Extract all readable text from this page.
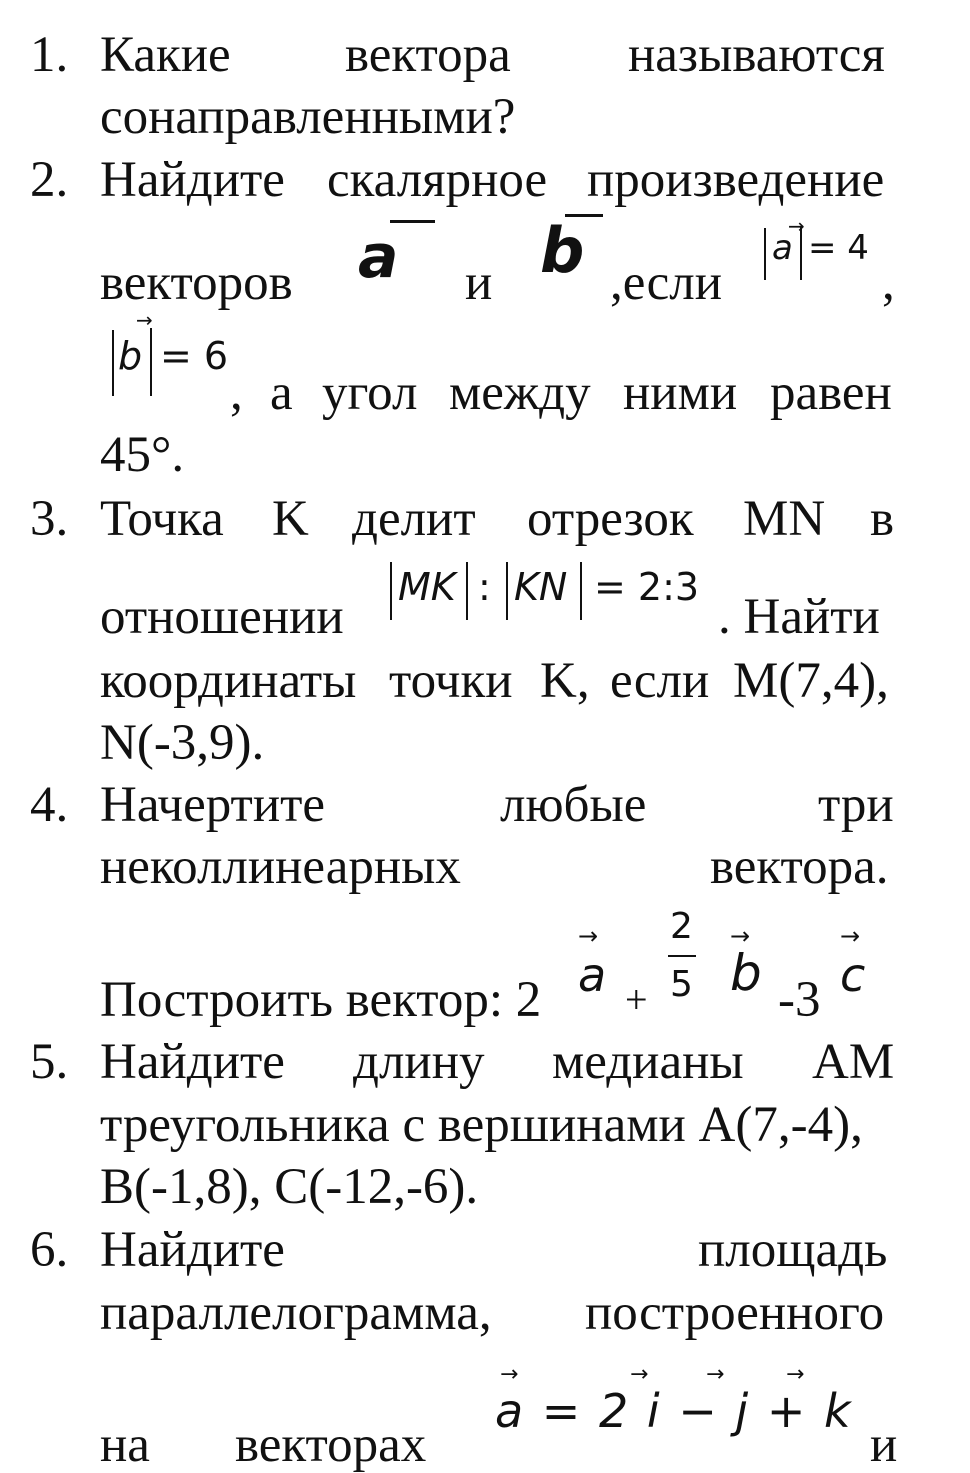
1. Какие вектора называются
сонаправленными?
2. Найдите скалярное произведение
векторов a и b ,если
a
→
= 4
,
b
→
= 6
, а угол между ними равен
45°.
3. Точка K делит отрезок MN в
отношении
MK : KN = 2:3
. Найти
координаты точки K, если M(7,4),
N(-3,9).
4. Начертите	любые	три
неколлинеарных	вектора.
Построить вектор: 2
→
a +
2
5
→
b -3
→
c
5. Найдите длину медианы AM
треугольника с вершинами A(7,-4),
B(-1,8), C(-12,-6).
6. Найдите	площадь
параллелограмма, построенного
→	→	→	→
a = 2 i − j + k
на векторах	и
